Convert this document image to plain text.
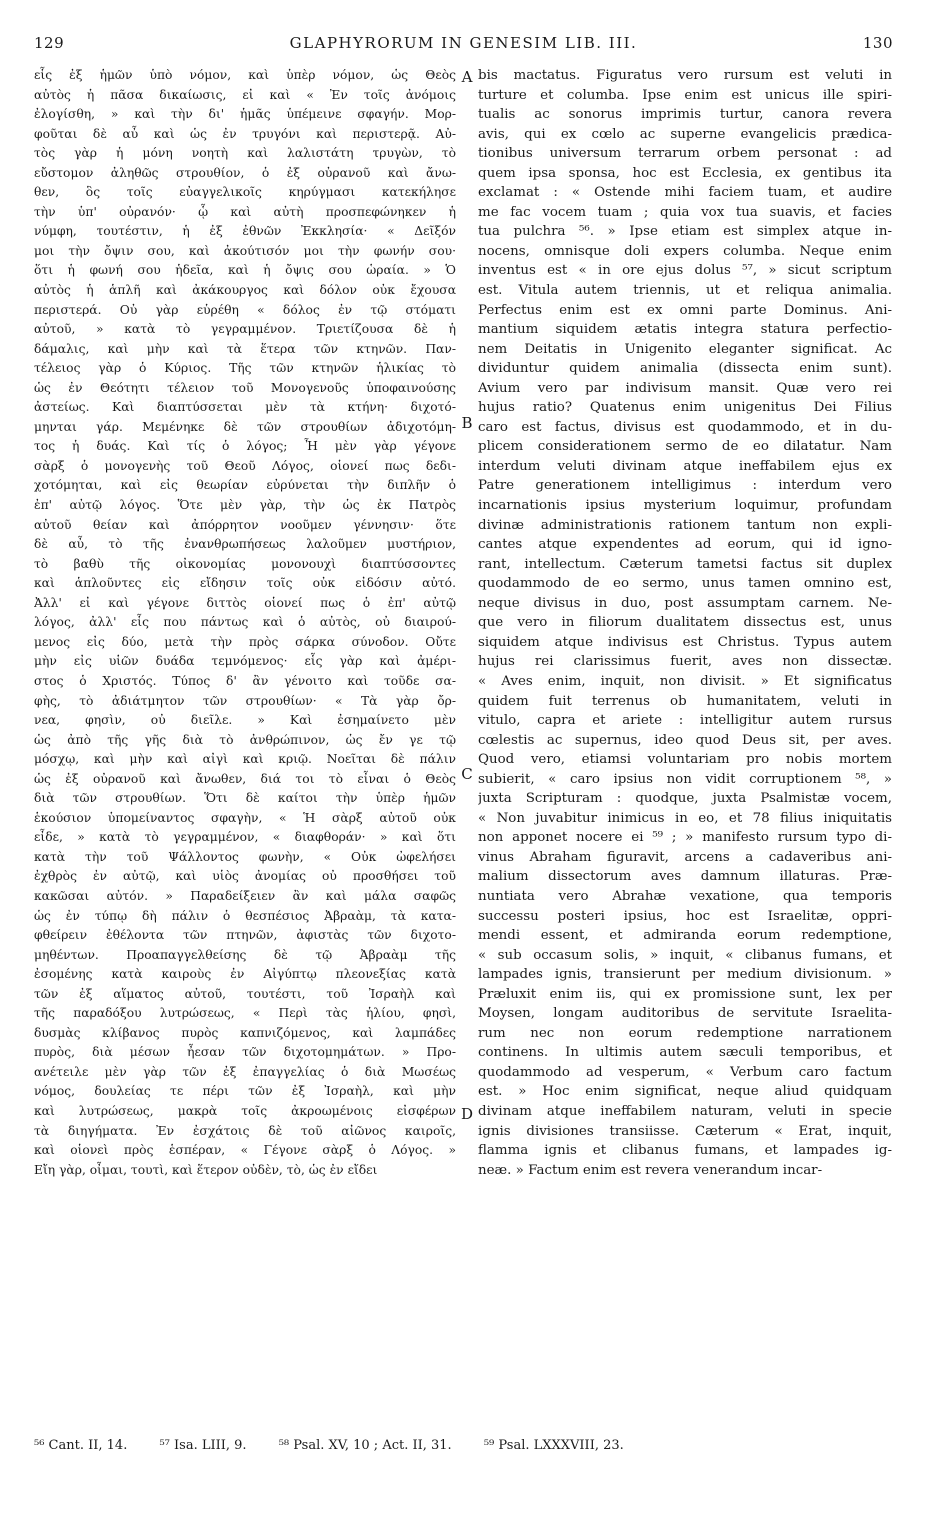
129	GLAPHYRORUM IN GENESIM LIB. III.	130
εἷς ἐξ ἡμῶν ὑπὸ νόμον, καὶ ὑπὲρ νόμον, ὡς Θεὸς
αὐτὸς ἡ πᾶσα δικαίωσις, εἰ καὶ « Ἐν τοῖς ἀνόμοις
ἐλογίσθη, » καὶ τὴν δι' ἡμᾶς ὑπέμεινε σφαγήν. Μορ-
φοῦται δὲ αὖ καὶ ὡς ἐν τρυγόνι καὶ περιστερᾷ. Αὐ-
τὸς γὰρ ἡ μόνη νοητὴ καὶ λαλιστάτη τρυγὼν, τὸ
εὔστομον ἀληθῶς στρουθίον, ὁ ἐξ οὐρανοῦ καὶ ἄνω-
θεν, ὃς τοῖς εὐαγγελικοῖς κηρύγμασι κατεκήλησε
τὴν ὑπ' οὐρανόν· ᾧ καὶ αὐτὴ προσπεφώνηκεν ἡ
νύμφη, τουτέστιν, ἡ ἐξ ἐθνῶν Ἐκκλησία· « Δεῖξόν
μοι τὴν ὄψιν σου, καὶ ἀκούτισόν μοι τὴν φωνήν σου·
ὅτι ἡ φωνή σου ἡδεῖα, καὶ ἡ ὄψις σου ὡραία. » Ὁ
αὐτὸς ἡ ἁπλῆ καὶ ἀκάκουργος καὶ δόλον οὐκ ἔχουσα
περιστερά. Οὐ γὰρ εὑρέθη « δόλος ἐν τῷ στόματι
αὐτοῦ, » κατὰ τὸ γεγραμμένον. Τριετίζουσα δὲ ἡ
δάμαλις, καὶ μὴν καὶ τὰ ἕτερα τῶν κτηνῶν. Παν-
τέλειος γὰρ ὁ Κύριος. Τῆς τῶν κτηνῶν ἡλικίας τὸ
ὡς ἐν Θεότητι τέλειον τοῦ Μονογενοῦς ὑποφαινούσης
ἀστείως. Καὶ διαπτύσσεται μὲν τὰ κτήνη· διχοτό-
μηνται γάρ. Μεμένηκε δὲ τῶν στρουθίων ἀδιχοτόμη-
τος ἡ δυάς. Καὶ τίς ὁ λόγος; Ἦ μὲν γὰρ γέγονε
σὰρξ ὁ μονογενὴς τοῦ Θεοῦ Λόγος, οἱονεί πως δεδι-
χοτόμηται, καὶ εἰς θεωρίαν εὐρύνεται τὴν διπλῆν ὁ
ἐπ' αὐτῷ λόγος. Ὅτε μὲν γὰρ, τὴν ὡς ἐκ Πατρὸς
αὐτοῦ θείαν καὶ ἀπόρρητον νοοῦμεν γέννησιν· ὅτε
δὲ αὖ, τὸ τῆς ἐνανθρωπήσεως λαλοῦμεν μυστήριον,
τὸ βαθὺ τῆς οἰκονομίας μονονουχὶ διαπτύσσοντες
καὶ ἁπλοῦντες εἰς εἴδησιν τοῖς οὐκ εἰδόσιν αὐτό.
Ἀλλ' εἰ καὶ γέγονε διττὸς οἱονεί πως ὁ ἐπ' αὐτῷ
λόγος, ἀλλ' εἷς που πάντως καὶ ὁ αὐτὸς, οὐ διαιρού-
μενος εἰς δύο, μετὰ τὴν πρὸς σάρκα σύνοδον. Οὔτε
μὴν εἰς υἱῶν δυάδα τεμνόμενος· εἷς γὰρ καὶ ἀμέρι-
στος ὁ Χριστός. Τύπος δ' ἂν γένοιτο καὶ τοῦδε σα-
φὴς, τὸ ἀδιάτμητον τῶν στρουθίων· « Τὰ γὰρ ὄρ-
νεα, φησὶν, οὐ διεῖλε. » Καὶ ἐσημαίνετο μὲν
ὡς ἀπὸ τῆς γῆς διὰ τὸ ἀνθρώπινον, ὡς ἔν γε τῷ
μόσχῳ, καὶ μὴν καὶ αἰγὶ καὶ κριῷ. Νοεῖται δὲ πάλιν
ὡς ἐξ οὐρανοῦ καὶ ἄνωθεν, διά τοι τὸ εἶναι ὁ Θεὸς
διὰ τῶν στρουθίων. Ὅτι δὲ καίτοι τὴν ὑπὲρ ἡμῶν
ἑκούσιον ὑπομείναντος σφαγὴν, « Ἡ σὰρξ αὐτοῦ οὐκ
εἶδε, » κατὰ τὸ γεγραμμένον, « διαφθοράν· » καὶ ὅτι
κατὰ τὴν τοῦ Ψάλλοντος φωνὴν, « Οὐκ ὠφελήσει
ἐχθρὸς ἐν αὐτῷ, καὶ υἱὸς ἀνομίας οὐ προσθήσει τοῦ
κακῶσαι αὐτόν. » Παραδείξειεν ἂν καὶ μάλα σαφῶς
ὡς ἐν τύπῳ δὴ πάλιν ὁ θεσπέσιος Ἀβραὰμ, τὰ κατα-
φθείρειν ἐθέλοντα τῶν πτηνῶν, ἀφιστὰς τῶν διχοτο-
μηθέντων. Προαπαγγελθείσης δὲ τῷ Ἀβραὰμ τῆς
ἐσομένης κατὰ καιροὺς ἐν Αἰγύπτῳ πλεονεξίας κατὰ
τῶν ἐξ αἵματος αὐτοῦ, τουτέστι, τοῦ Ἰσραὴλ καὶ
τῆς παραδόξου λυτρώσεως, « Περὶ τὰς ἡλίου, φησὶ,
δυσμὰς κλίβανος πυρὸς καπνιζόμενος, καὶ λαμπάδες
πυρὸς, διὰ μέσων ἦεσαν τῶν διχοτομημάτων. » Προ-
ανέτειλε μὲν γὰρ τῶν ἐξ ἐπαγγελίας ὁ διὰ Μωσέως
νόμος, δουλείας τε πέρι τῶν ἐξ Ἰσραὴλ, καὶ μὴν
καὶ λυτρώσεως, μακρὰ τοῖς ἀκροωμένοις εἰσφέρων
τὰ διηγήματα. Ἐν ἐσχάτοις δὲ τοῦ αἰῶνος καιροῖς,
καὶ οἱονεὶ πρὸς ἑσπέραν, « Γέγονε σὰρξ ὁ Λόγος. »
Εἴη γὰρ, οἶμαι, τουτὶ, καὶ ἕτερον οὐδὲν, τὸ, ὡς ἐν εἴδει
A
B
C
D
bis mactatus. Figuratus vero rursum est veluti in
turture et columba. Ipse enim est unicus ille spiri-
tualis ac sonorus imprimis turtur, canora revera
avis, qui ex cœlo ac superne evangelicis prædica-
tionibus universum terrarum orbem personat : ad
quem ipsa sponsa, hoc est Ecclesia, ex gentibus ita
exclamat : « Ostende mihi faciem tuam, et audire
me fac vocem tuam ; quia vox tua suavis, et facies
tua pulchra ⁵⁶. » Ipse etiam est simplex atque in-
nocens, omnisque doli expers columba. Neque enim
inventus est « in ore ejus dolus ⁵⁷, » sicut scriptum
est. Vitula autem triennis, ut et reliqua animalia.
Perfectus enim est ex omni parte Dominus. Ani-
mantium siquidem ætatis integra statura perfectio-
nem Deitatis in Unigenito eleganter significat. Ac
dividuntur quidem animalia (dissecta enim sunt).
Avium vero par indivisum mansit. Quæ vero rei
hujus ratio? Quatenus enim unigenitus Dei Filius
caro est factus, divisus est quodammodo, et in du-
plicem considerationem sermo de eo dilatatur. Nam
interdum veluti divinam atque ineffabilem ejus ex
Patre generationem intelligimus : interdum vero
incarnationis ipsius mysterium loquimur, profundam
divinæ administrationis rationem tantum non expli-
cantes atque expendentes ad eorum, qui id igno-
rant, intellectum. Cæterum tametsi factus sit duplex
quodammodo de eo sermo, unus tamen omnino est,
neque divisus in duo, post assumptam carnem. Ne-
que vero in filiorum dualitatem dissectus est, unus
siquidem atque indivisus est Christus. Typus autem
hujus rei clarissimus fuerit, aves non dissectæ.
« Aves enim, inquit, non divisit. » Et significatus
quidem fuit terrenus ob humanitatem, veluti in
vitulo, capra et ariete : intelligitur autem rursus
cœlestis ac supernus, ideo quod Deus sit, per aves.
Quod vero, etiamsi voluntariam pro nobis mortem
subierit, « caro ipsius non vidit corruptionem ⁵⁸, »
juxta Scripturam : quodque, juxta Psalmistæ vocem,
« Non juvabitur inimicus in eo, et 78 filius iniquitatis
non apponet nocere ei ⁵⁹ ; » manifesto rursum typo di-
vinus Abraham figuravit, arcens a cadaveribus ani-
malium dissectorum aves damnum illaturas. Præ-
nuntiata vero Abrahæ vexatione, qua temporis
successu posteri ipsius, hoc est Israelitæ, oppri-
mendi essent, et admiranda eorum redemptione,
« sub occasum solis, » inquit, « clibanus fumans, et
lampades ignis, transierunt per medium divisionum. »
Præluxit enim iis, qui ex promissione sunt, lex per
Moysen, longam auditoribus de servitute Israelita-
rum nec non eorum redemptione narrationem
continens. In ultimis autem sæculi temporibus, et
quodammodo ad vesperum, « Verbum caro factum
est. » Hoc enim significat, neque aliud quidquam
divinam atque ineffabilem naturam, veluti in specie
ignis divisiones transiisse. Cæterum « Erat, inquit,
flamma ignis et clibanus fumans, et lampades ig-
neæ. » Factum enim est revera venerandum incar-
⁵⁶ Cant. II, 14. ⁵⁷ Isa. LIII, 9. ⁵⁸ Psal. XV, 10 ; Act. II, 31. ⁵⁹ Psal. LXXXVIII, 23.
